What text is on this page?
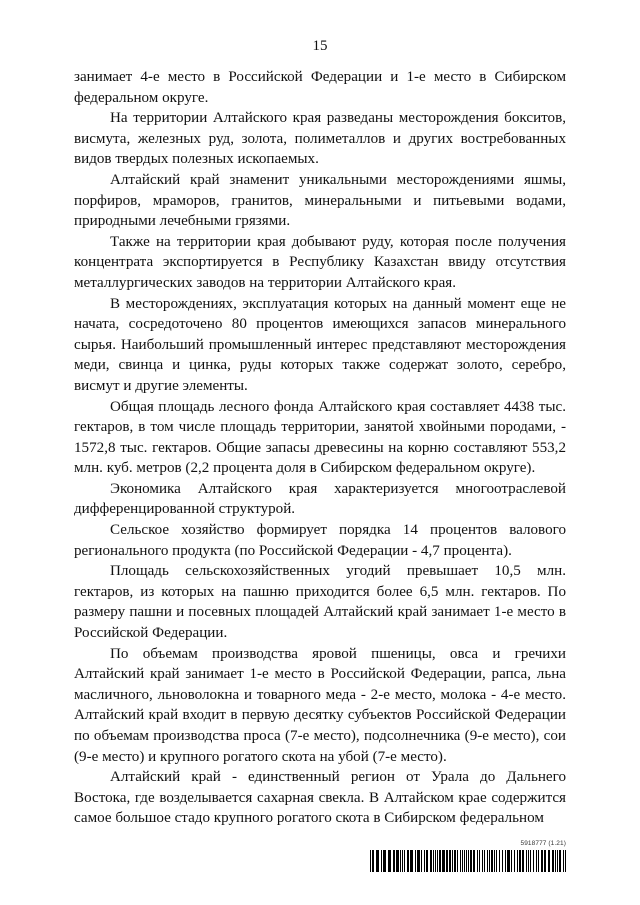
15

занимает 4-е место в Российской Федерации и 1-е место в Сибирском федеральном округе.

На территории Алтайского края разведаны месторождения бокситов, висмута, железных руд, золота, полиметаллов и других востребованных видов твердых полезных ископаемых.

Алтайский край знаменит уникальными месторождениями яшмы, порфиров, мраморов, гранитов, минеральными и питьевыми водами, природными лечебными грязями.

Также на территории края добывают руду, которая после получения концентрата экспортируется в Республику Казахстан ввиду отсутствия металлургических заводов на территории Алтайского края.

В месторождениях, эксплуатация которых на данный момент еще не начата, сосредоточено 80 процентов имеющихся запасов минерального сырья. Наибольший промышленный интерес представляют месторождения меди, свинца и цинка, руды которых также содержат золото, серебро, висмут и другие элементы.

Общая площадь лесного фонда Алтайского края составляет 4438 тыс. гектаров, в том числе площадь территории, занятой хвойными породами, - 1572,8 тыс. гектаров. Общие запасы древесины на корню составляют 553,2 млн. куб. метров (2,2 процента доля в Сибирском федеральном округе).

Экономика Алтайского края характеризуется многоотраслевой дифференцированной структурой.

Сельское хозяйство формирует порядка 14 процентов валового регионального продукта (по Российской Федерации - 4,7 процента).

Площадь сельскохозяйственных угодий превышает 10,5 млн. гектаров, из которых на пашню приходится более 6,5 млн. гектаров. По размеру пашни и посевных площадей Алтайский край занимает 1-е место в Российской Федерации.

По объемам производства яровой пшеницы, овса и гречихи Алтайский край занимает 1-е место в Российской Федерации, рапса, льна масличного, льноволокна и товарного меда - 2-е место, молока - 4-е место. Алтайский край входит в первую десятку субъектов Российской Федерации по объемам производства проса (7-е место), подсолнечника (9-е место), сои (9-е место) и крупного рогатого скота на убой (7-е место).

Алтайский край - единственный регион от Урала до Дальнего Востока, где возделывается сахарная свекла. В Алтайском крае содержится самое большое стадо крупного рогатого скота в Сибирском федеральном

5918777 (1.21)
